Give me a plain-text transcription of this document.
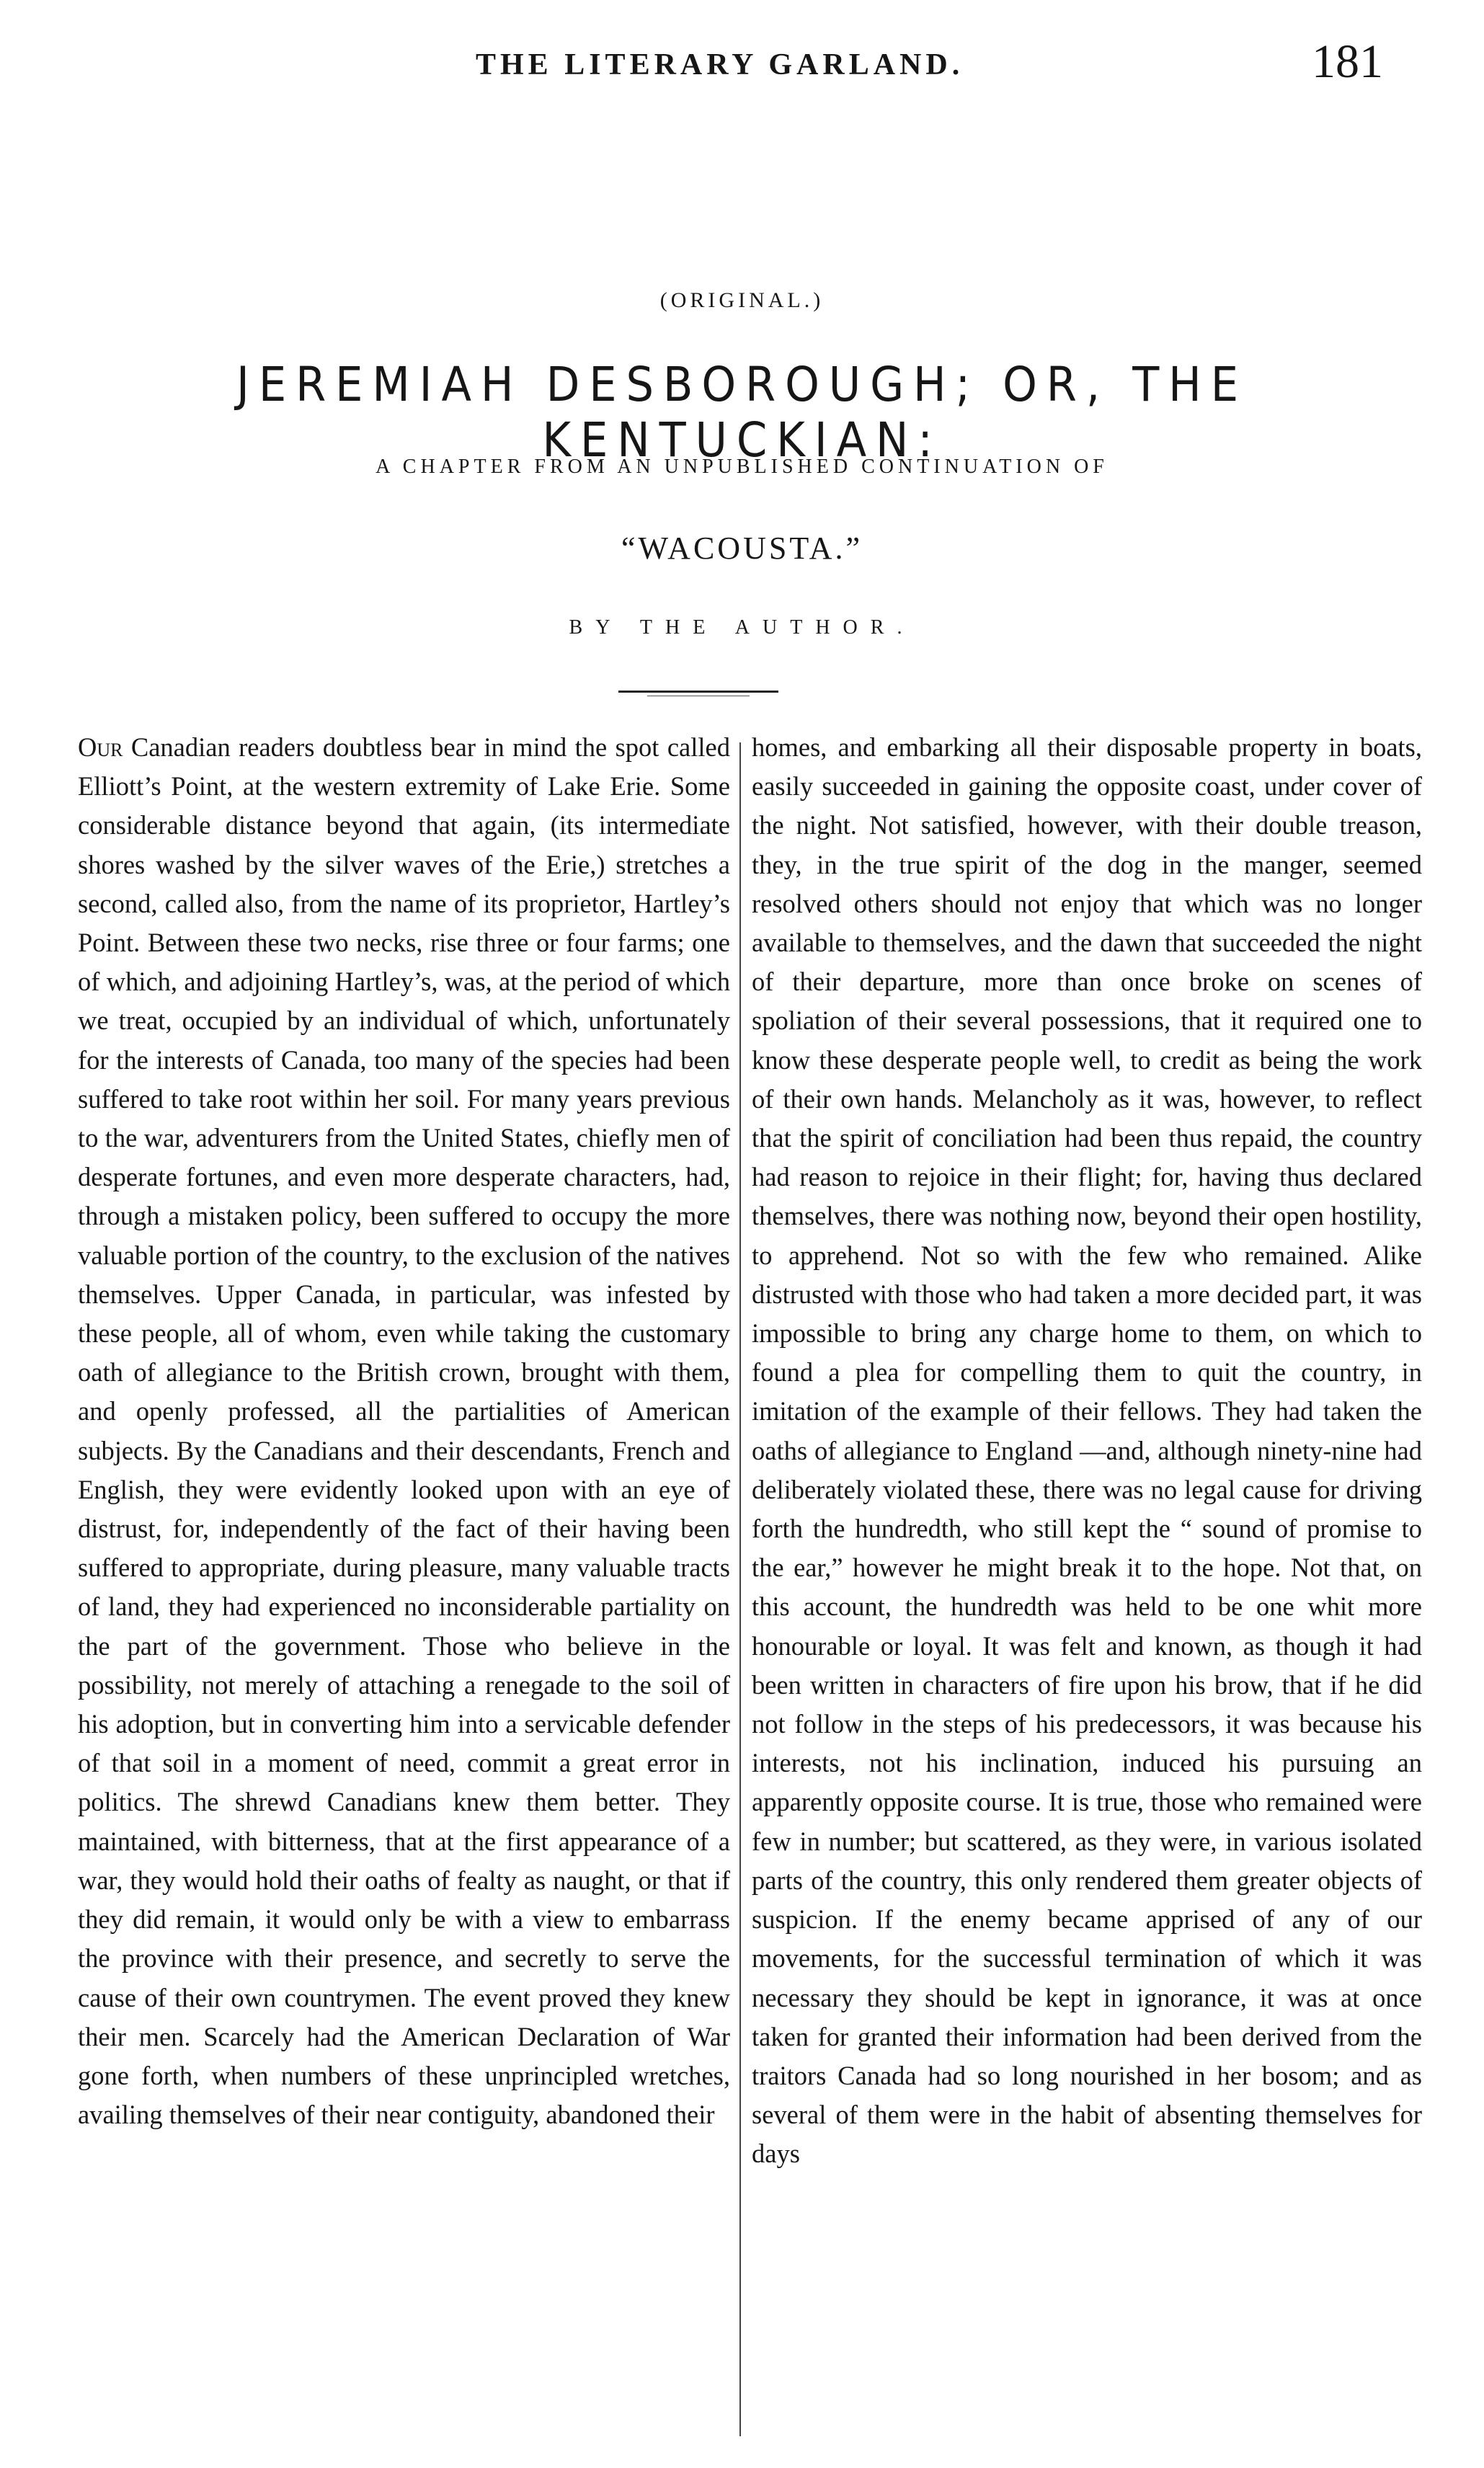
THE LITERARY GARLAND.	181
(ORIGINAL.)
JEREMIAH DESBOROUGH; OR, THE KENTUCKIAN:
A CHAPTER FROM AN UNPUBLISHED CONTINUATION OF
“WACOUSTA.”
BY THE AUTHOR.

Our Canadian readers doubtless bear in mind the spot called Elliott’s Point, at the western extremity of Lake Erie. Some considerable distance beyond that again, (its intermediate shores washed by the silver waves of the Erie,) stretches a second, called also, from the name of its proprietor, Hartley’s Point. Between these two necks, rise three or four farms; one of which, and adjoining Hartley’s, was, at the period of which we treat, occupied by an individual of which, unfortunately for the interests of Canada, too many of the species had been suffered to take root within her soil. For many years previous to the war, adventurers from the United States, chiefly men of desperate fortunes, and even more desperate characters, had, through a mistaken policy, been suffered to occupy the more valuable portion of the country, to the exclusion of the natives themselves. Upper Canada, in particular, was infested by these people, all of whom, even while taking the customary oath of allegiance to the British crown, brought with them, and openly professed, all the partialities of American subjects. By the Canadians and their descendants, French and English, they were evidently looked upon with an eye of distrust, for, independently of the fact of their having been suffered to appropriate, during pleasure, many valuable tracts of land, they had experienced no inconsiderable partiality on the part of the government. Those who believe in the possibility, not merely of attaching a renegade to the soil of his adoption, but in converting him into a servicable defender of that soil in a moment of need, commit a great error in politics. The shrewd Canadians knew them better. They maintained, with bitterness, that at the first appearance of a war, they would hold their oaths of fealty as naught, or that if they did remain, it would only be with a view to embarrass the province with their presence, and secretly to serve the cause of their own countrymen. The event proved they knew their men. Scarcely had the American Declaration of War gone forth, when numbers of these unprincipled wretches, availing themselves of their near contiguity, abandoned their

homes, and embarking all their disposable property in boats, easily succeeded in gaining the opposite coast, under cover of the night. Not satisfied, however, with their double treason, they, in the true spirit of the dog in the manger, seemed resolved others should not enjoy that which was no longer available to themselves, and the dawn that succeeded the night of their departure, more than once broke on scenes of spoliation of their several possessions, that it required one to know these desperate people well, to credit as being the work of their own hands. Melancholy as it was, however, to reflect that the spirit of conciliation had been thus repaid, the country had reason to rejoice in their flight; for, having thus declared themselves, there was nothing now, beyond their open hostility, to apprehend. Not so with the few who remained. Alike distrusted with those who had taken a more decided part, it was impossible to bring any charge home to them, on which to found a plea for compelling them to quit the country, in imitation of the example of their fellows. They had taken the oaths of allegiance to England —and, although ninety-nine had deliberately violated these, there was no legal cause for driving forth the hundredth, who still kept the “ sound of promise to the ear,” however he might break it to the hope. Not that, on this account, the hundredth was held to be one whit more honourable or loyal. It was felt and known, as though it had been written in characters of fire upon his brow, that if he did not follow in the steps of his predecessors, it was because his interests, not his inclination, induced his pursuing an apparently opposite course. It is true, those who remained were few in number; but scattered, as they were, in various isolated parts of the country, this only rendered them greater objects of suspicion. If the enemy became apprised of any of our movements, for the successful termination of which it was necessary they should be kept in ignorance, it was at once taken for granted their information had been derived from the traitors Canada had so long nourished in her bosom; and as several of them were in the habit of absenting themselves for days
